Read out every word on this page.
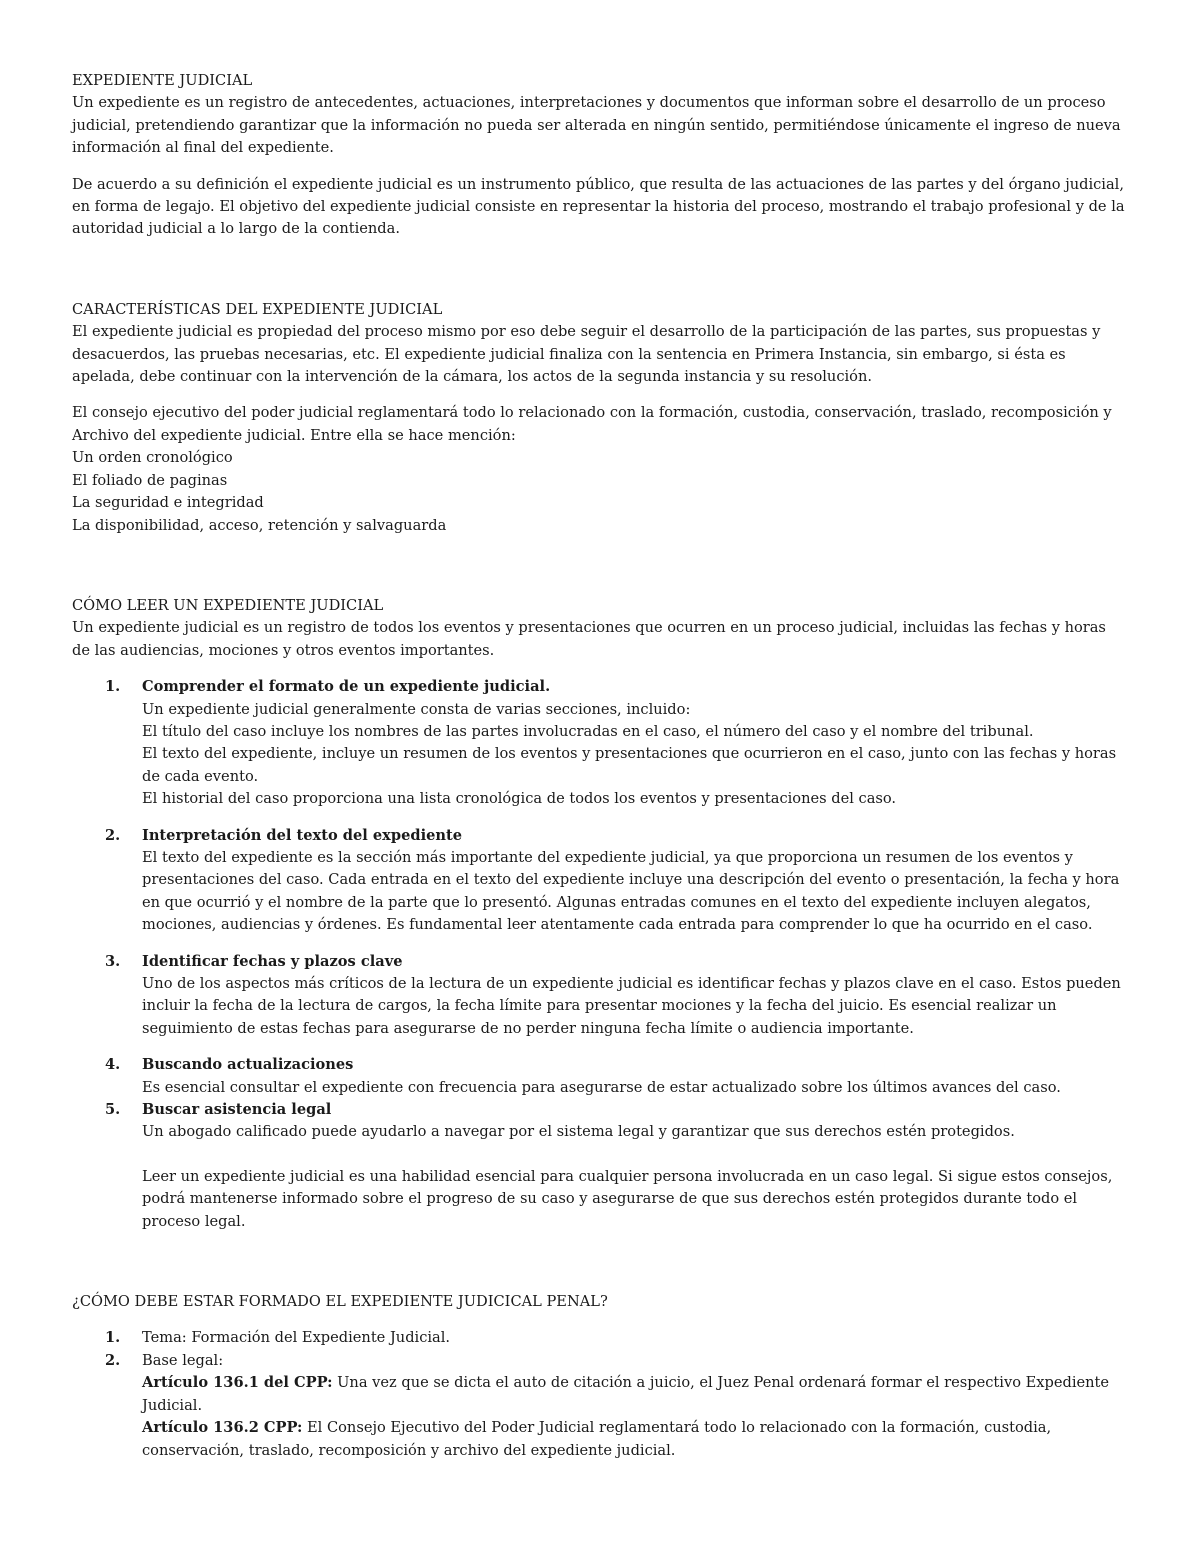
EXPEDIENTE JUDICIAL

Un expediente es un registro de antecedentes, actuaciones, interpretaciones y documentos que informan sobre el desarrollo de un proceso judicial, pretendiendo garantizar que la información no pueda ser alterada en ningún sentido, permitiéndose únicamente el ingreso de nueva información al final del expediente.

De acuerdo a su definición el expediente judicial es un instrumento público, que resulta de las actuaciones de las partes y del órgano judicial, en forma de legajo. El objetivo del expediente judicial consiste en representar la historia del proceso, mostrando el trabajo profesional y de la autoridad judicial a lo largo de la contienda.

CARACTERÍSTICAS DEL EXPEDIENTE JUDICIAL

El expediente judicial es propiedad del proceso mismo por eso debe seguir el desarrollo de la participación de las partes, sus propuestas y desacuerdos, las pruebas necesarias, etc. El expediente judicial finaliza con la sentencia en Primera Instancia, sin embargo, si ésta es apelada, debe continuar con la intervención de la cámara, los actos de la segunda instancia y su resolución.

El consejo ejecutivo del poder judicial reglamentará todo lo relacionado con la formación, custodia, conservación, traslado, recomposición y Archivo del expediente judicial. Entre ella se hace mención:

Un orden cronológico
El foliado de paginas
La seguridad e integridad
La disponibilidad, acceso, retención y salvaguarda
CÓMO LEER UN EXPEDIENTE JUDICIAL

Un expediente judicial es un registro de todos los eventos y presentaciones que ocurren en un proceso judicial, incluidas las fechas y horas de las audiencias, mociones y otros eventos importantes.

1.	Comprender el formato de un expediente judicial.

Un expediente judicial generalmente consta de varias secciones, incluido:

El título del caso incluye los nombres de las partes involucradas en el caso, el número del caso y el nombre del tribunal.

El texto del expediente, incluye un resumen de los eventos y presentaciones que ocurrieron en el caso, junto con las fechas y horas de cada evento.

El historial del caso proporciona una lista cronológica de todos los eventos y presentaciones del caso.

2.	Interpretación del texto del expediente

El texto del expediente es la sección más importante del expediente judicial, ya que proporciona un resumen de los eventos y presentaciones del caso. Cada entrada en el texto del expediente incluye una descripción del evento o presentación, la fecha y hora en que ocurrió y el nombre de la parte que lo presentó. Algunas entradas comunes en el texto del expediente incluyen alegatos, mociones, audiencias y órdenes. Es fundamental leer atentamente cada entrada para comprender lo que ha ocurrido en el caso.

3.	Identificar fechas y plazos clave

Uno de los aspectos más críticos de la lectura de un expediente judicial es identificar fechas y plazos clave en el caso. Estos pueden incluir la fecha de la lectura de cargos, la fecha límite para presentar mociones y la fecha del juicio. Es esencial realizar un seguimiento de estas fechas para asegurarse de no perder ninguna fecha límite o audiencia importante.

4.	Buscando actualizaciones

Es esencial consultar el expediente con frecuencia para asegurarse de estar actualizado sobre los últimos avances del caso.

5.	Buscar asistencia legal

Un abogado calificado puede ayudarlo a navegar por el sistema legal y garantizar que sus derechos estén protegidos.

Leer un expediente judicial es una habilidad esencial para cualquier persona involucrada en un caso legal. Si sigue estos consejos, podrá mantenerse informado sobre el progreso de su caso y asegurarse de que sus derechos estén protegidos durante todo el proceso legal.

¿CÓMO DEBE ESTAR FORMADO EL EXPEDIENTE JUDICICAL PENAL?
1.	Tema: Formación del Expediente Judicial.

2.	Base legal:

Artículo 136.1 del CPP: Una vez que se dicta el auto de citación a juicio, el Juez Penal ordenará formar el respectivo Expediente Judicial.

Artículo 136.2 CPP: El Consejo Ejecutivo del Poder Judicial reglamentará todo lo relacionado con la formación, custodia, conservación, traslado, recomposición y archivo del expediente judicial.
